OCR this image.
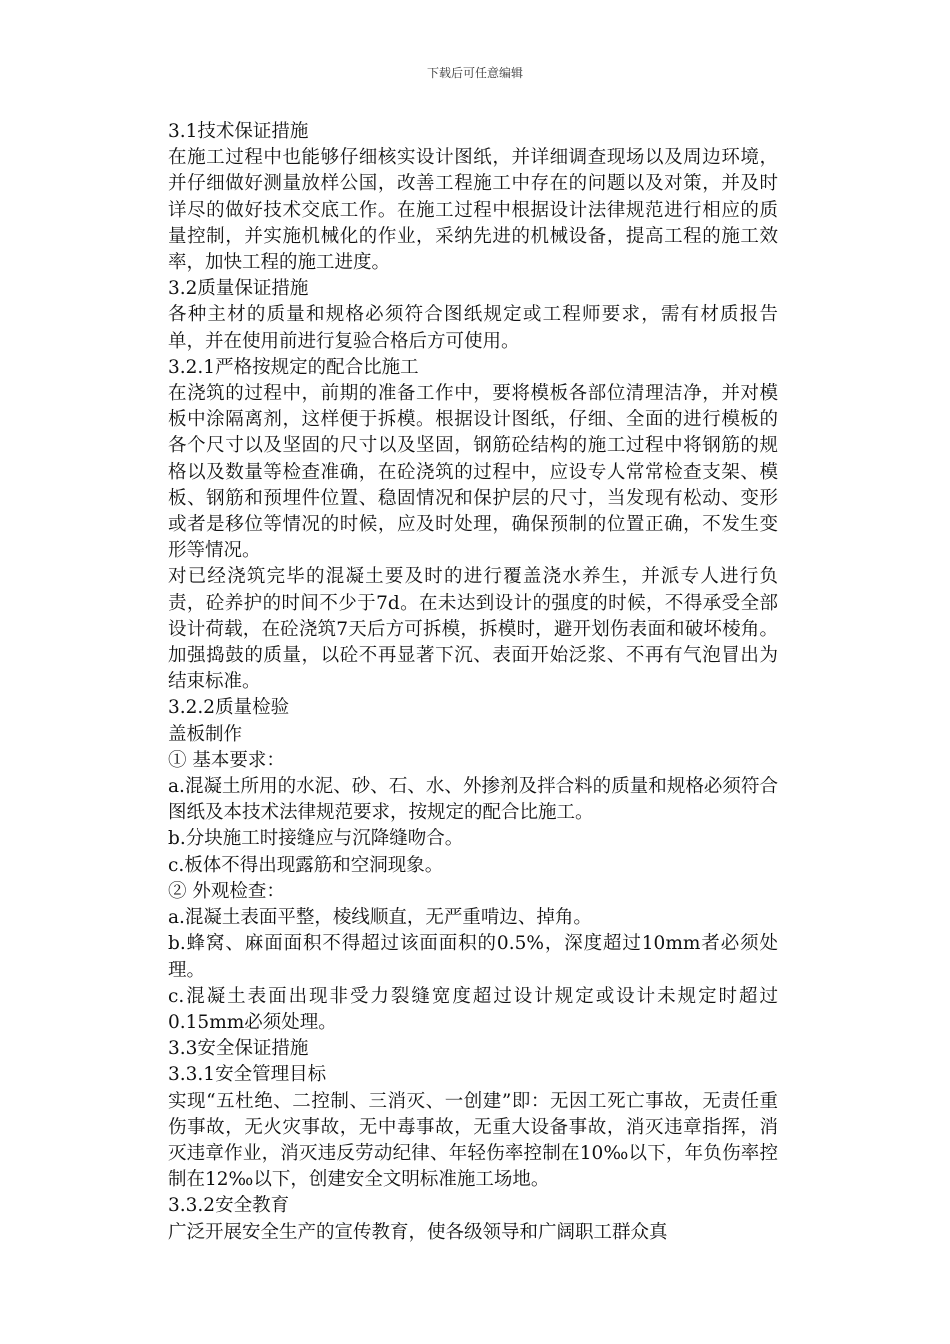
下载后可任意编辑

3.1技术保证措施

在施工过程中也能够仔细核实设计图纸，并详细调查现场以及周边环境，并仔细做好测量放样公国，改善工程施工中存在的问题以及对策，并及时详尽的做好技术交底工作。在施工过程中根据设计法律规范进行相应的质量控制，并实施机械化的作业，采纳先进的机械设备，提高工程的施工效率，加快工程的施工进度。

3.2质量保证措施

各种主材的质量和规格必须符合图纸规定或工程师要求，需有材质报告单，并在使用前进行复验合格后方可使用。

3.2.1严格按规定的配合比施工

在浇筑的过程中，前期的准备工作中，要将模板各部位清理洁净，并对模板中涂隔离剂，这样便于拆模。根据设计图纸，仔细、全面的进行模板的各个尺寸以及坚固的尺寸以及坚固，钢筋砼结构的施工过程中将钢筋的规格以及数量等检查准确，在砼浇筑的过程中，应设专人常常检查支架、模板、钢筋和预埋件位置、稳固情况和保护层的尺寸，当发现有松动、变形或者是移位等情况的时候，应及时处理，确保预制的位置正确，不发生变形等情况。

对已经浇筑完毕的混凝土要及时的进行覆盖浇水养生，并派专人进行负责，砼养护的时间不少于7d。在未达到设计的强度的时候，不得承受全部设计荷载，在砼浇筑7天后方可拆模，拆模时，避开划伤表面和破坏棱角。加强捣鼓的质量，以砼不再显著下沉、表面开始泛浆、不再有气泡冒出为结束标准。

3.2.2质量检验

盖板制作

① 基本要求：

a.混凝土所用的水泥、砂、石、水、外掺剂及拌合料的质量和规格必须符合图纸及本技术法律规范要求，按规定的配合比施工。

b.分块施工时接缝应与沉降缝吻合。

c.板体不得出现露筋和空洞现象。

② 外观检查：

a.混凝土表面平整，棱线顺直，无严重啃边、掉角。

b.蜂窝、麻面面积不得超过该面面积的0.5%，深度超过10mm者必须处理。

c.混凝土表面出现非受力裂缝宽度超过设计规定或设计未规定时超过0.15mm必须处理。

3.3安全保证措施

3.3.1安全管理目标

实现“五杜绝、二控制、三消灭、一创建”即：无因工死亡事故，无责任重伤事故，无火灾事故，无中毒事故，无重大设备事故，消灭违章指挥，消灭违章作业，消灭违反劳动纪律、年轻伤率控制在10‰以下，年负伤率控制在12‰以下，创建安全文明标准施工场地。

3.3.2安全教育

广泛开展安全生产的宣传教育，使各级领导和广阔职工群众真
